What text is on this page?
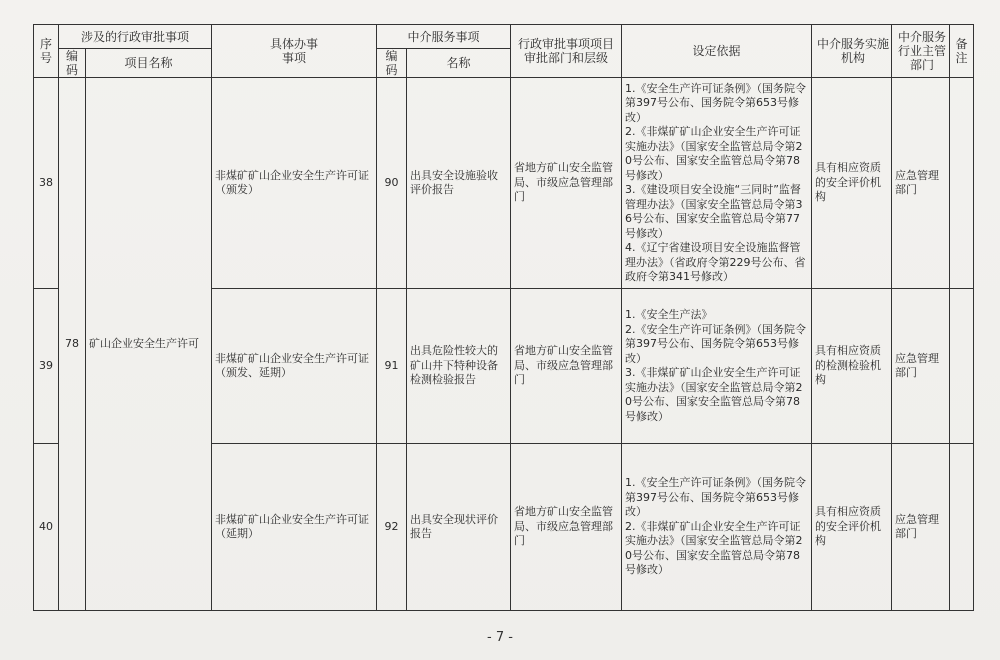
序号	涉及的行政审批事项		具体办事事项	中介服务事项		行政审批事项项目审批部门和层级	设定依据	中介服务实施机构	中介服务行业主管部门	备注
	编码	项目名称		编码	名称					
38	78	矿山企业安全生产许可	非煤矿矿山企业安全生产许可证（颁发）	90	出具安全设施验收评价报告	省地方矿山安全监管局、市级应急管理部门	1.《安全生产许可证条例》（国务院令第397号公布、国务院令第653号修改）
2.《非煤矿矿山企业安全生产许可证实施办法》（国家安全监管总局令第20号公布、国家安全监管总局令第78号修改）
3.《建设项目安全设施“三同时”监督管理办法》（国家安全监管总局令第36号公布、国家安全监管总局令第77号修改）
4.《辽宁省建设项目安全设施监督管理办法》（省政府令第229号公布、省政府令第341号修改）	具有相应资质的安全评价机构	应急管理部门	
39			非煤矿矿山企业安全生产许可证（颁发、延期）	91	出具危险性较大的矿山井下特种设备检测检验报告	省地方矿山安全监管局、市级应急管理部门	1.《安全生产法》
2.《安全生产许可证条例》（国务院令第397号公布、国务院令第653号修改）
3.《非煤矿矿山企业安全生产许可证实施办法》（国家安全监管总局令第20号公布、国家安全监管总局令第78号修改）	具有相应资质的检测检验机构	应急管理部门	
40			非煤矿矿山企业安全生产许可证（延期）	92	出具安全现状评价报告	省地方矿山安全监管局、市级应急管理部门	1.《安全生产许可证条例》（国务院令第397号公布、国务院令第653号修改）
2.《非煤矿矿山企业安全生产许可证实施办法》（国家安全监管总局令第20号公布、国家安全监管总局令第78号修改）	具有相应资质的安全评价机构	应急管理部门	
- 7 -
